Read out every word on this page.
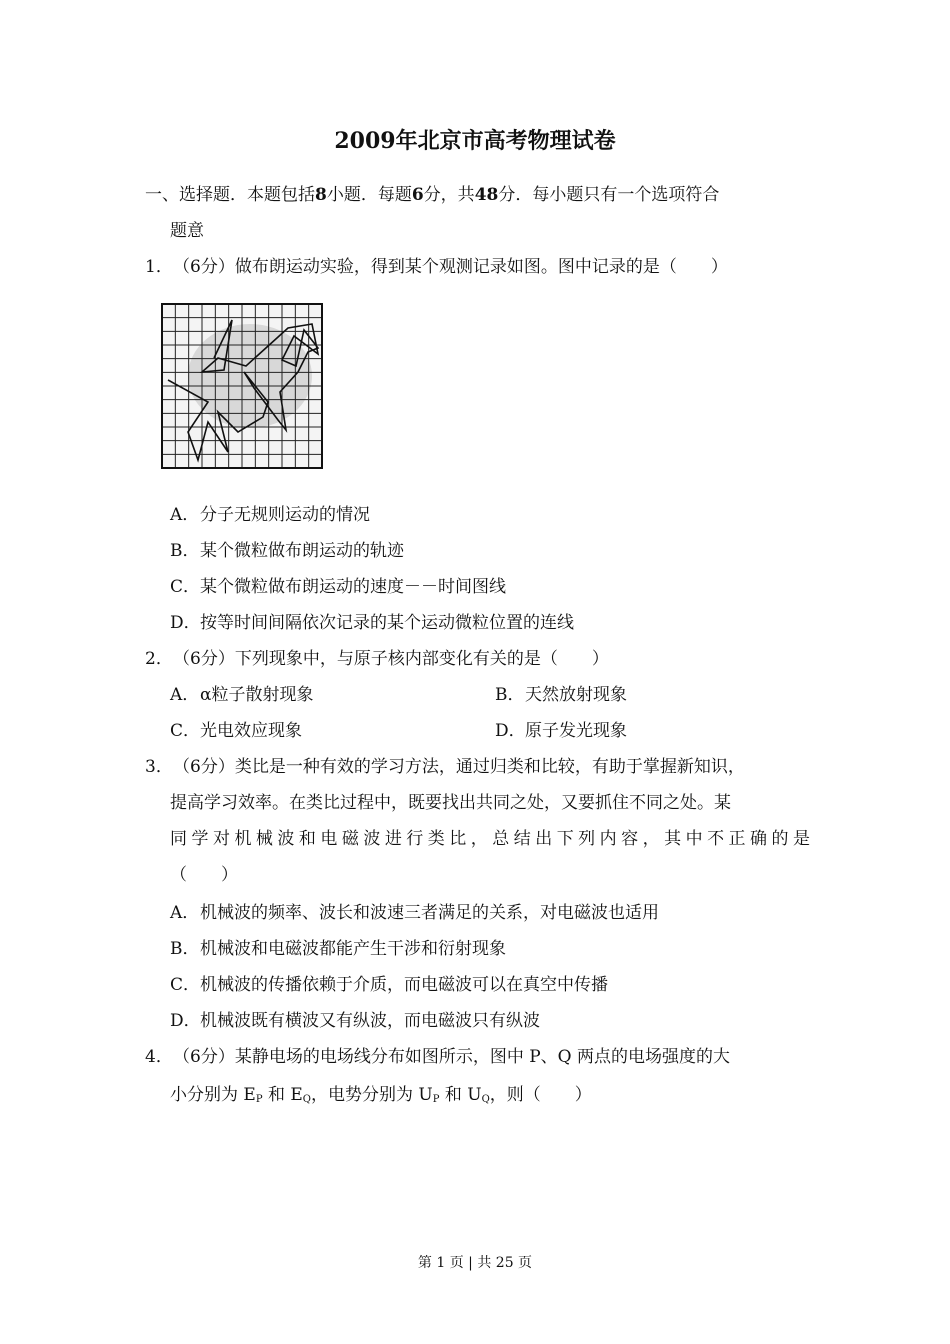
2009年北京市高考物理试卷
一、选择题．本题包括8小题．每题6分，共48分．每小题只有一个选项符合
题意
1．（6分）做布朗运动实验，得到某个观测记录如图。图中记录的是（　　）
A．分子无规则运动的情况
B．某个微粒做布朗运动的轨迹
C．某个微粒做布朗运动的速度－－时间图线
D．按等时间间隔依次记录的某个运动微粒位置的连线
2．（6分）下列现象中，与原子核内部变化有关的是（　　）
A．α粒子散射现象	B．天然放射现象
C．光电效应现象	D．原子发光现象
3．（6分）类比是一种有效的学习方法，通过归类和比较，有助于掌握新知识，
提高学习效率。在类比过程中，既要找出共同之处，又要抓住不同之处。某
同学对机械波和电磁波进行类比，总结出下列内容，其中不正确的是
（　　）
A．机械波的频率、波长和波速三者满足的关系，对电磁波也适用
B．机械波和电磁波都能产生干涉和衍射现象
C．机械波的传播依赖于介质，而电磁波可以在真空中传播
D．机械波既有横波又有纵波，而电磁波只有纵波
4．（6分）某静电场的电场线分布如图所示，图中 P、Q 两点的电场强度的大
小分别为 $E_P$ 和 $E_Q$，电势分别为 $U_P$ 和 $U_Q$，则（　　）
第 1 页 | 共 25 页
